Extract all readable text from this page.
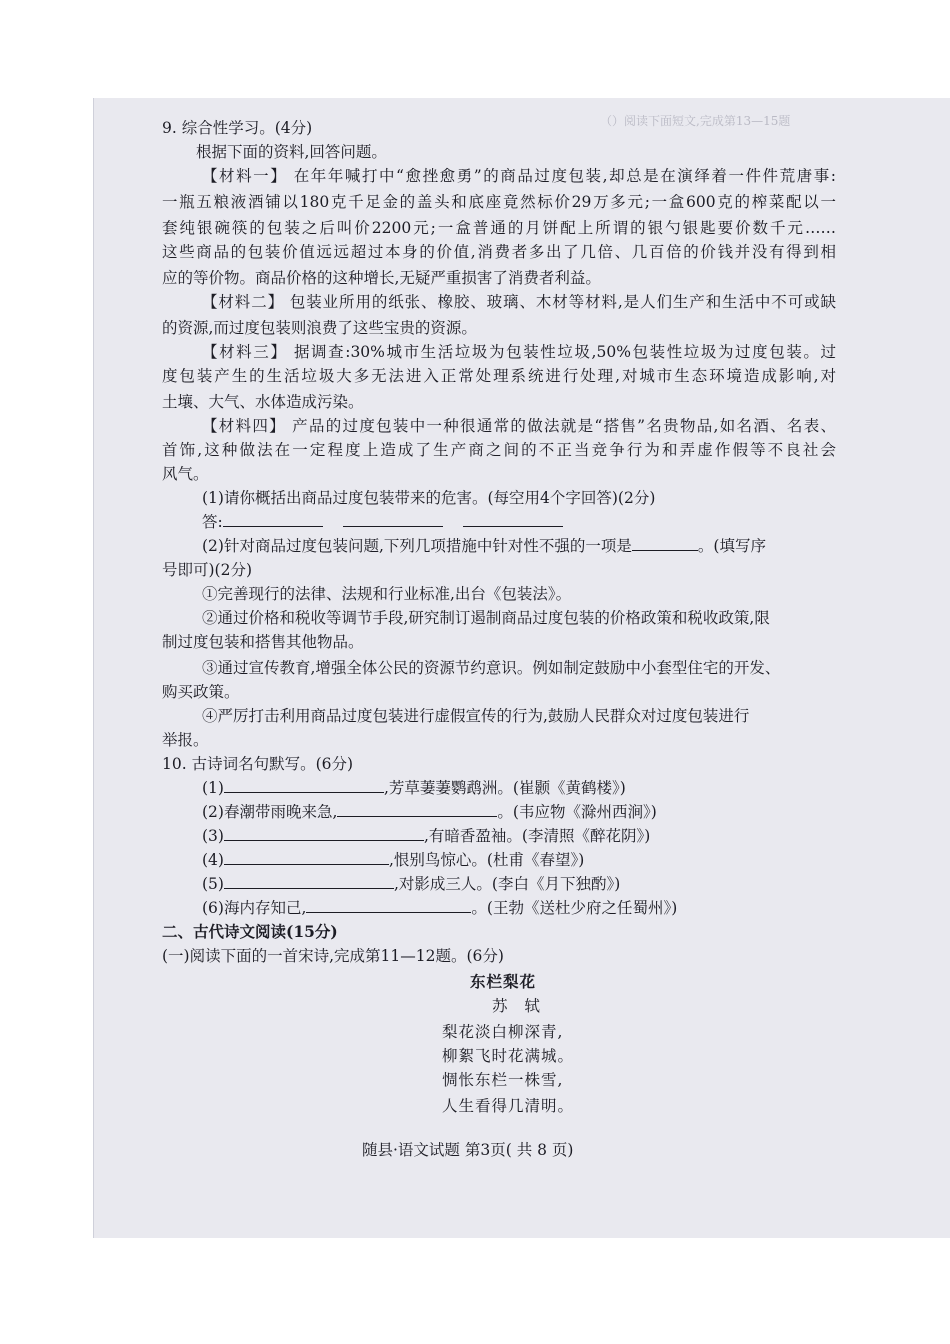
（）阅读下面短文,完成第13—15题
9. 综合性学习。(4分)
根据下面的资料,回答问题。
【材料一】 在年年喊打中“愈挫愈勇”的商品过度包装,却总是在演绎着一件件荒唐事:
一瓶五粮液酒铺以180克千足金的盖头和底座竟然标价29万多元;一盒600克的榨菜配以一
套纯银碗筷的包装之后叫价2200元;一盒普通的月饼配上所谓的银勺银匙要价数千元……
这些商品的包装价值远远超过本身的价值,消费者多出了几倍、几百倍的价钱并没有得到相
应的等价物。商品价格的这种增长,无疑严重损害了消费者利益。
【材料二】 包装业所用的纸张、橡胶、玻璃、木材等材料,是人们生产和生活中不可或缺
的资源,而过度包装则浪费了这些宝贵的资源。
【材料三】 据调查:30%城市生活垃圾为包装性垃圾,50%包装性垃圾为过度包装。过
度包装产生的生活垃圾大多无法进入正常处理系统进行处理,对城市生态环境造成影响,对
土壤、大气、水体造成污染。
【材料四】 产品的过度包装中一种很通常的做法就是“搭售”名贵物品,如名酒、名表、
首饰,这种做法在一定程度上造成了生产商之间的不正当竞争行为和弄虚作假等不良社会
风气。
(1)请你概括出商品过度包装带来的危害。(每空用4个字回答)(2分)
答:
(2)针对商品过度包装问题,下列几项措施中针对性不强的一项是	。(填写序
号即可)(2分)
①完善现行的法律、法规和行业标准,出台《包装法》。
②通过价格和税收等调节手段,研究制订遏制商品过度包装的价格政策和税收政策,限
制过度包装和搭售其他物品。
③通过宣传教育,增强全体公民的资源节约意识。例如制定鼓励中小套型住宅的开发、
购买政策。
④严厉打击利用商品过度包装进行虚假宣传的行为,鼓励人民群众对过度包装进行
举报。
10. 古诗词名句默写。(6分)
(1)	,芳草萋萋鹦鹉洲。(崔颢《黄鹤楼》)
(2)春潮带雨晚来急,	。(韦应物《滁州西涧》)
(3)	,有暗香盈袖。(李清照《醉花阴》)
(4)	,恨别鸟惊心。(杜甫《春望》)
(5)	,对影成三人。(李白《月下独酌》)
(6)海内存知己,	。(王勃《送杜少府之任蜀州》)
二、古代诗文阅读(15分)
(一)阅读下面的一首宋诗,完成第11—12题。(6分)
东栏梨花
苏 轼
梨花淡白柳深青,
柳絮飞时花满城。
惆怅东栏一株雪,
人生看得几清明。
随县·语文试题 第3页( 共 8 页)
